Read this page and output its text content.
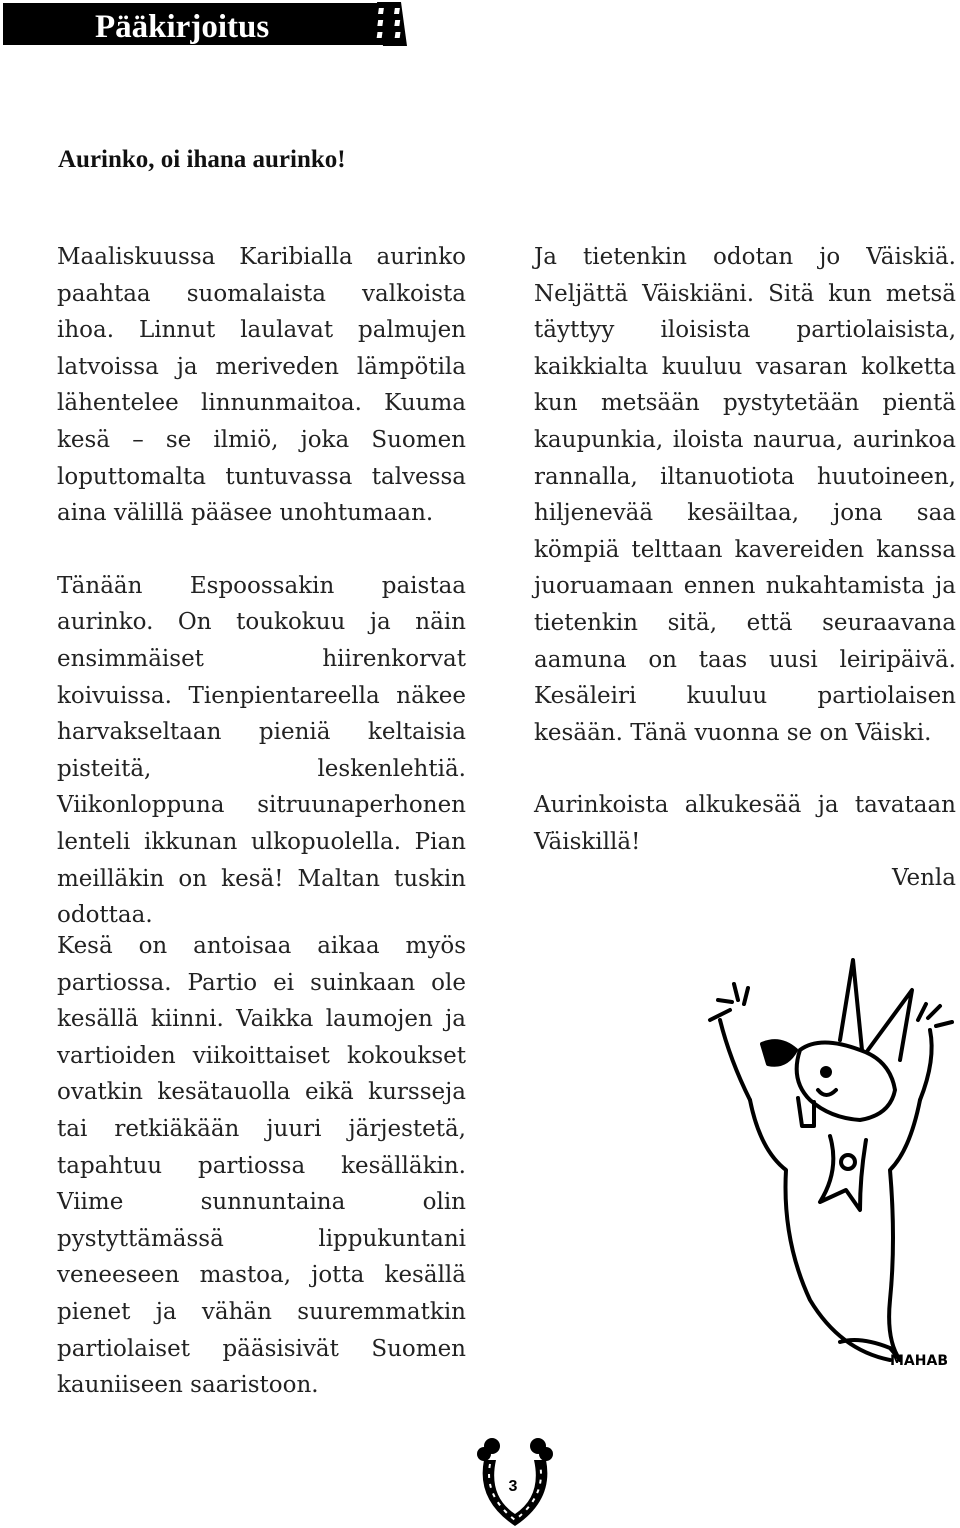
Pääkirjoitus
Aurinko, oi ihana aurinko!

Maaliskuussa Karibialla aurinko paahtaa suomalaista valkoista ihoa. Linnut laulavat palmujen latvoissa ja meriveden lämpötila lähentelee linnunmaitoa. Kuuma kesä – se ilmiö, joka Suomen loputtomalta tuntuvassa talvessa aina välillä pääsee unohtumaan.

Tänään Espoossakin paistaa aurinko. On toukokuu ja näin ensimmäiset hiirenkorvat koivuissa. Tienpientareella näkee harvakseltaan pieniä keltaisia pisteitä, leskenlehtiä. Viikonloppuna sitruunaperhonen lenteli ikkunan ulkopuolella. Pian meilläkin on kesä! Maltan tuskin odottaa.

Kesä on antoisaa aikaa myös partiossa. Partio ei suinkaan ole kesällä kiinni. Vaikka laumojen ja vartioiden viikoittaiset kokoukset ovatkin kesätauolla eikä kursseja tai retkiäkään juuri järjestetä, tapahtuu partiossa kesälläkin. Viime sunnuntaina olin pystyttämässä lippukuntani veneeseen mastoa, jotta kesällä pienet ja vähän suuremmatkin partiolaiset pääsisivät Suomen kauniiseen saaristoon.

Ja tietenkin odotan jo Väiskiä. Neljättä Väiskiäni. Sitä kun metsä täyttyy iloisista partiolaisista, kaikkialta kuuluu vasaran kolketta kun metsään pystytetään pientä kaupunkia, iloista naurua, aurinkoa rannalla, iltanuotiota huutoineen, hiljenevää kesäiltaa, jona saa kömpiä telttaan kavereiden kanssa juoruamaan ennen nukahtamista ja tietenkin sitä, että seuraavana aamuna on taas uusi leiripäivä. Kesäleiri kuuluu partiolaisen kesään. Tänä vuonna se on Väiski.

Aurinkoista alkukesää ja tavataan Väiskillä!

Venla
MAHAB
3
